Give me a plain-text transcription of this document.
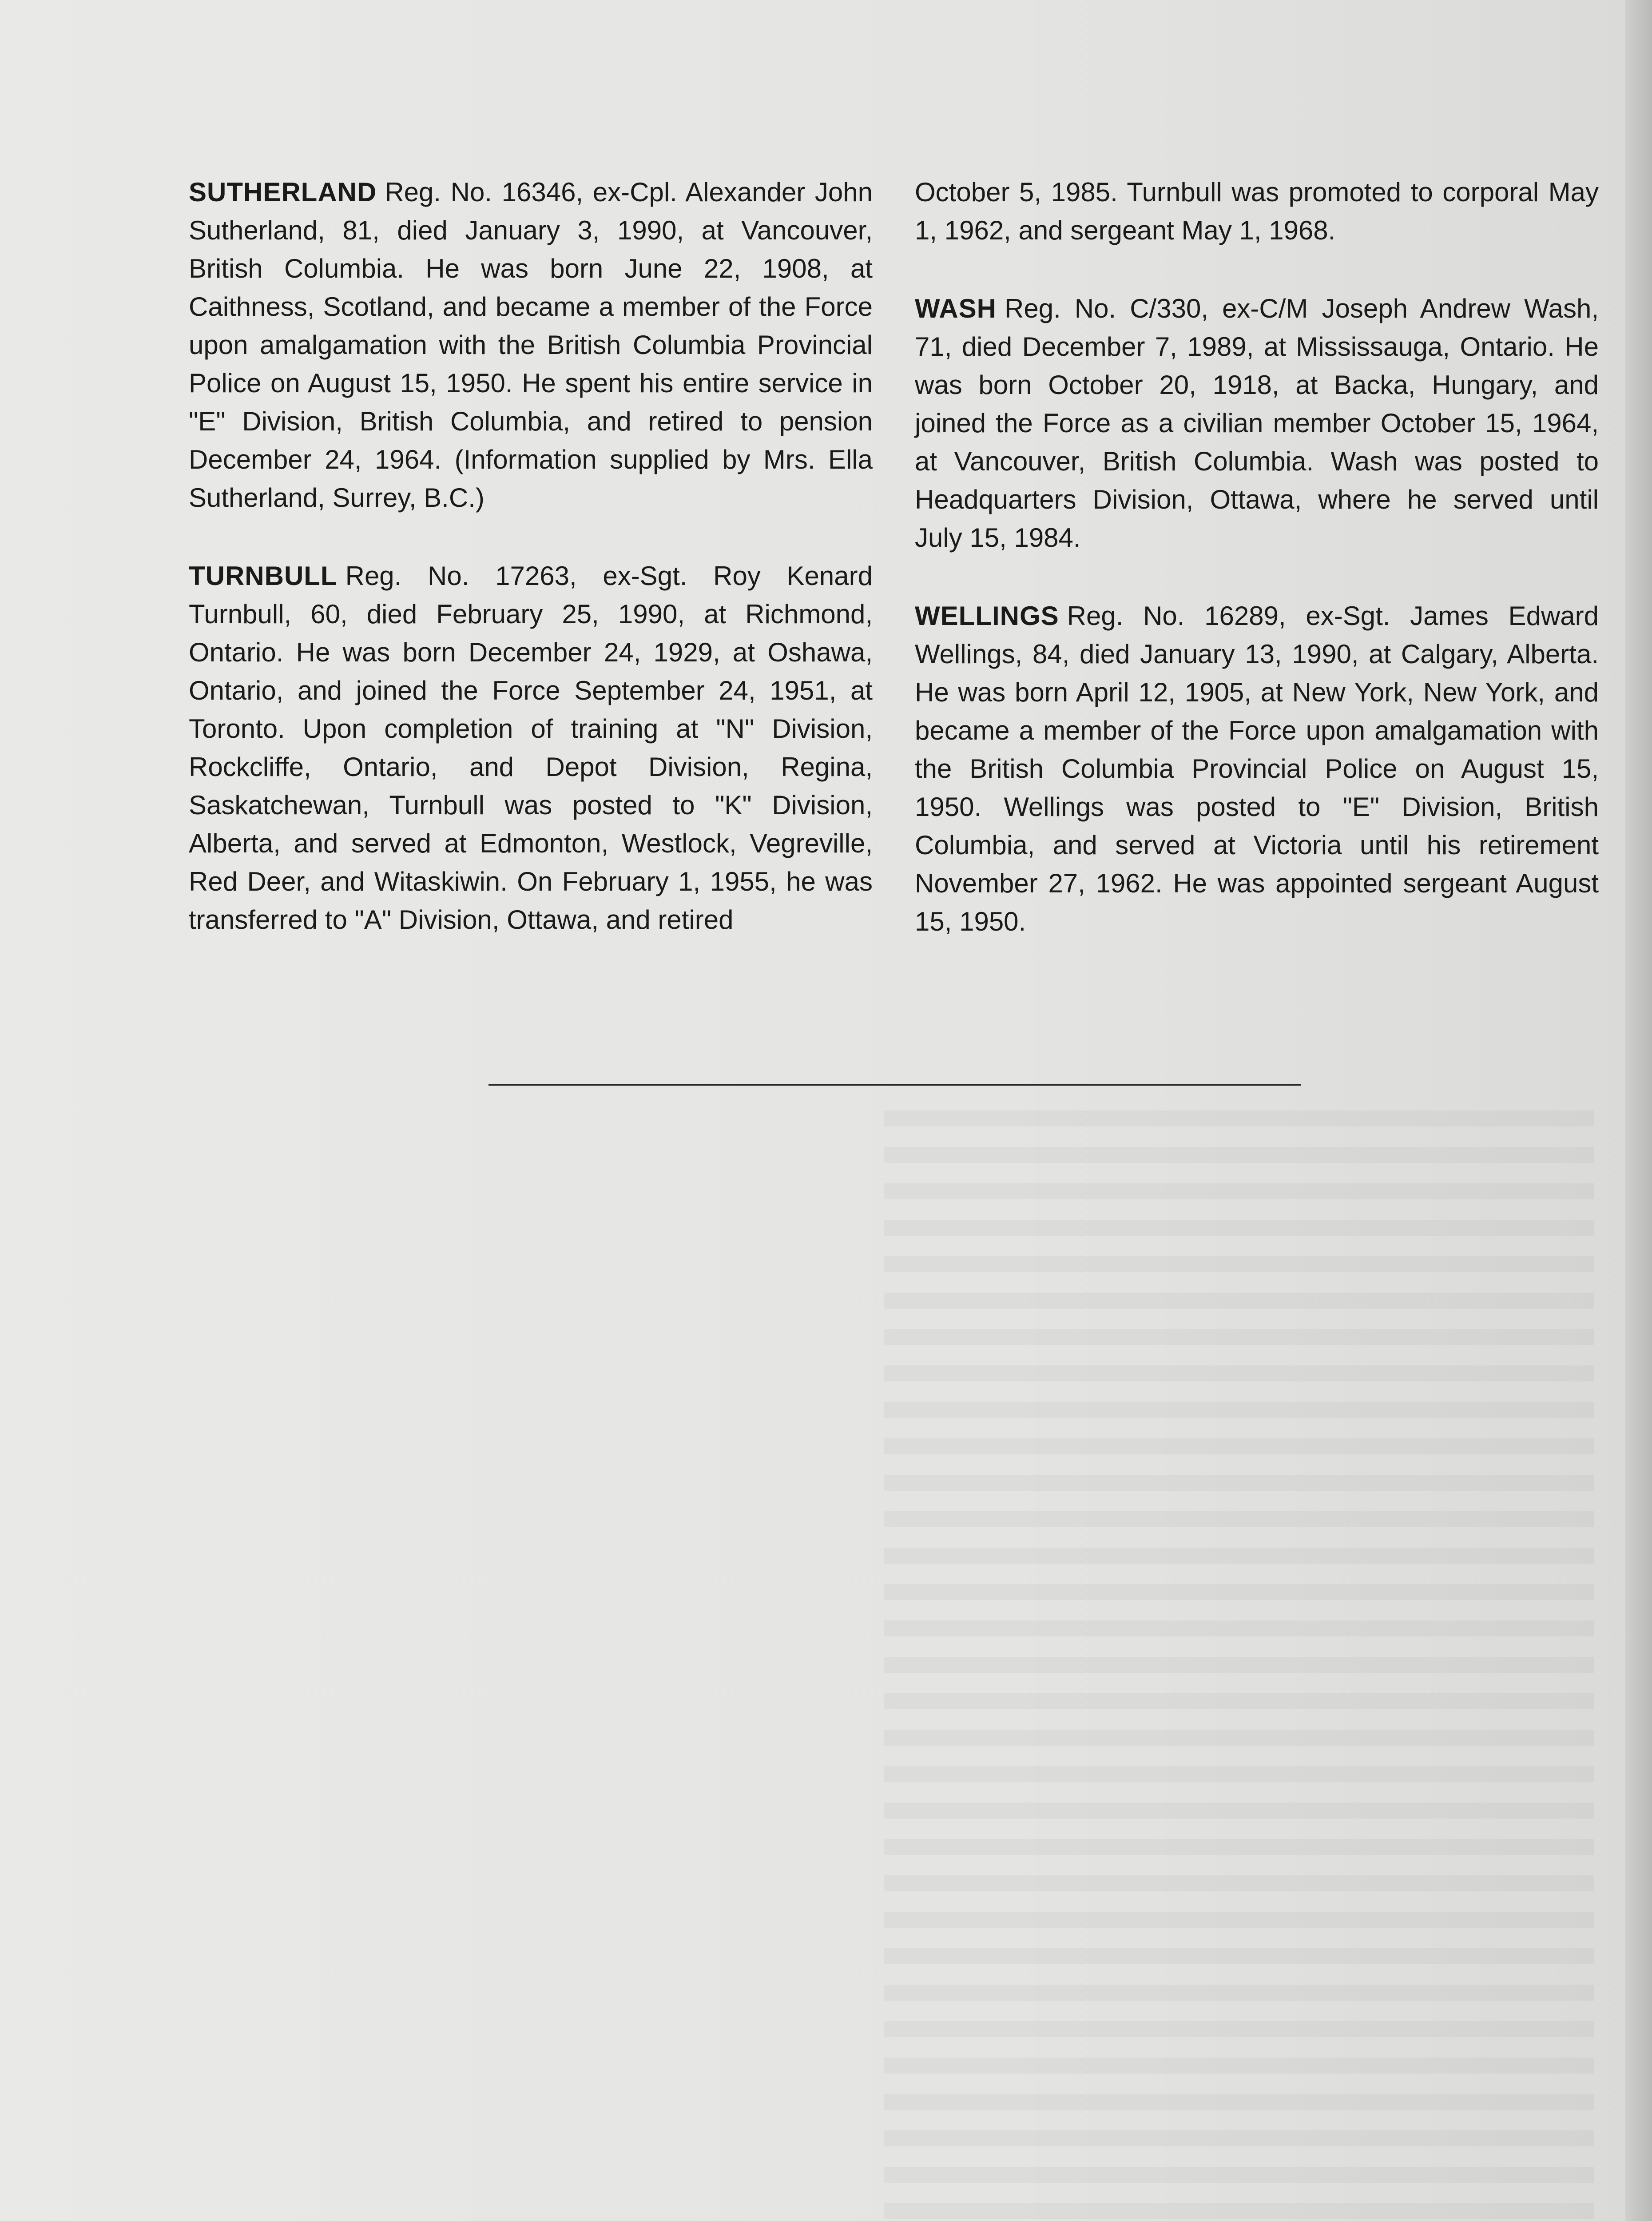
SUTHERLAND Reg. No. 16346, ex-Cpl. Alexander John Sutherland, 81, died January 3, 1990, at Vancouver, British Columbia. He was born June 22, 1908, at Caithness, Scotland, and became a member of the Force upon amalgamation with the British Columbia Provincial Police on August 15, 1950. He spent his entire service in "E" Division, British Columbia, and retired to pension December 24, 1964. (Information supplied by Mrs. Ella Sutherland, Surrey, B.C.)

TURNBULL Reg. No. 17263, ex-Sgt. Roy Kenard Turnbull, 60, died February 25, 1990, at Richmond, Ontario. He was born December 24, 1929, at Oshawa, Ontario, and joined the Force September 24, 1951, at Toronto. Upon completion of training at "N" Division, Rockcliffe, Ontario, and Depot Division, Regina, Saskatchewan, Turnbull was posted to "K" Division, Alberta, and served at Edmonton, Westlock, Vegreville, Red Deer, and Witaskiwin. On February 1, 1955, he was transferred to "A" Division, Ottawa, and retired

October 5, 1985. Turnbull was promoted to corporal May 1, 1962, and sergeant May 1, 1968.

WASH Reg. No. C/330, ex-C/M Joseph Andrew Wash, 71, died December 7, 1989, at Mississauga, Ontario. He was born October 20, 1918, at Backa, Hungary, and joined the Force as a civilian member October 15, 1964, at Vancouver, British Columbia. Wash was posted to Headquarters Division, Ottawa, where he served until July 15, 1984.

WELLINGS Reg. No. 16289, ex-Sgt. James Edward Wellings, 84, died January 13, 1990, at Calgary, Alberta. He was born April 12, 1905, at New York, New York, and became a member of the Force upon amalgamation with the British Columbia Provincial Police on August 15, 1950. Wellings was posted to "E" Division, British Columbia, and served at Victoria until his retirement November 27, 1962. He was appointed sergeant August 15, 1950.
